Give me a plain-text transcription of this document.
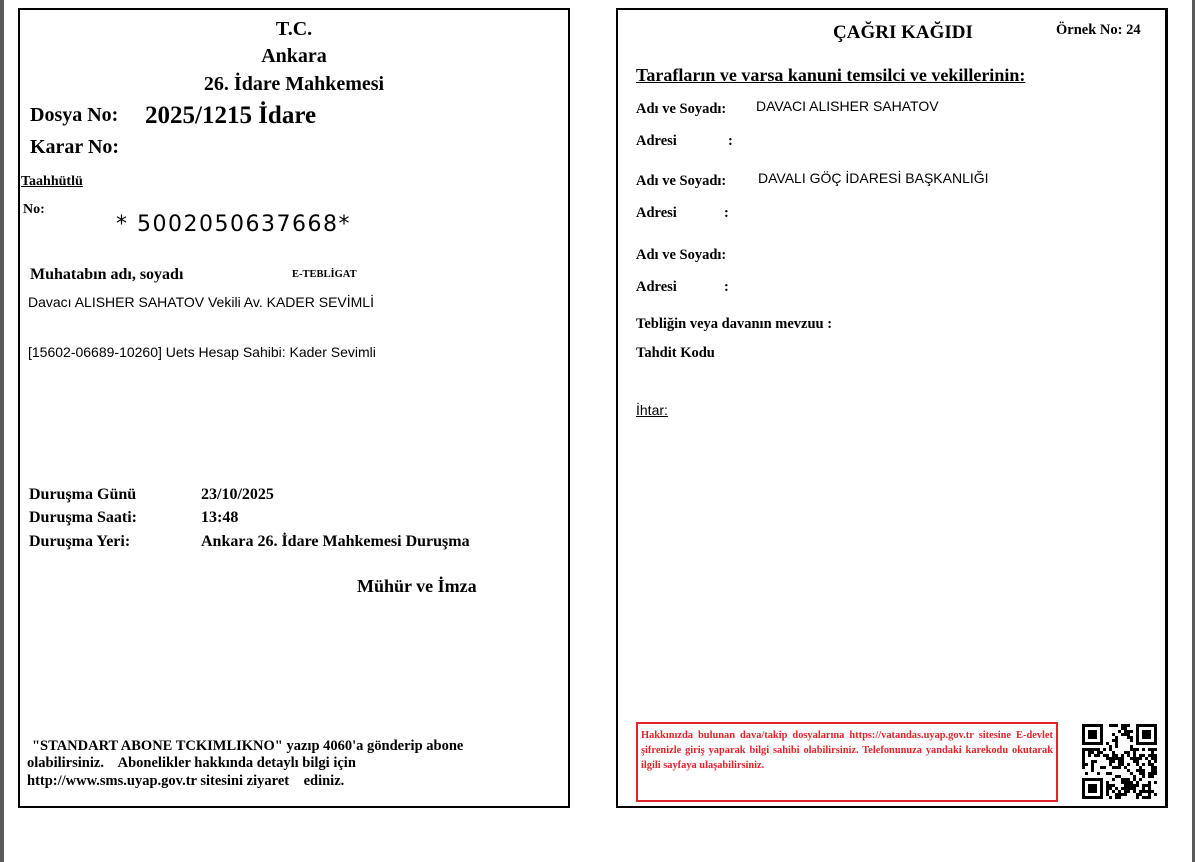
T.C.
Ankara
26. İdare Mahkemesi
Dosya No: 2025/1215 İdare
Karar No:
Taahhütlü
No:
* 5002050637668*
Muhatabın adı, soyadı	E-TEBLİGAT
Davacı ALISHER SAHATOV Vekili Av. KADER SEVİMLİ
[15602-06689-10260] Uets Hesap Sahibi: Kader Sevimli
Duruşma Günü	23/10/2025
Duruşma Saati:	13:48
Duruşma Yeri:	Ankara 26. İdare Mahkemesi Duruşma
Mühür ve İmza
"STANDART ABONE TCKIMLIKNO" yazıp 4060'a gönderip abone
olabilirsiniz.    Abonelikler hakkında detaylı bilgi için
http://www.sms.uyap.gov.tr sitesini ziyaret    ediniz.
ÇAĞRI KAĞIDI	Örnek No: 24
Tarafların ve varsa kanuni temsilci ve vekillerinin:
Adı ve Soyadı: DAVACI ALISHER SAHATOV
Adresi	:
Adı ve Soyadı: DAVALI GÖÇ İDARESİ BAŞKANLIĞI
Adresi	:
Adı ve Soyadı:
Adresi	:
Tebliğin veya davanın mevzuu :
Tahdit Kodu
İhtar:
Hakkınızda bulunan dava/takip dosyalarına https://vatandas.uyap.gov.tr sitesine E-devlet şifrenizle giriş yaparak bilgi sahibi olabilirsiniz. Telefonunuza yandaki karekodu okutarak ilgili sayfaya ulaşabilirsiniz.
